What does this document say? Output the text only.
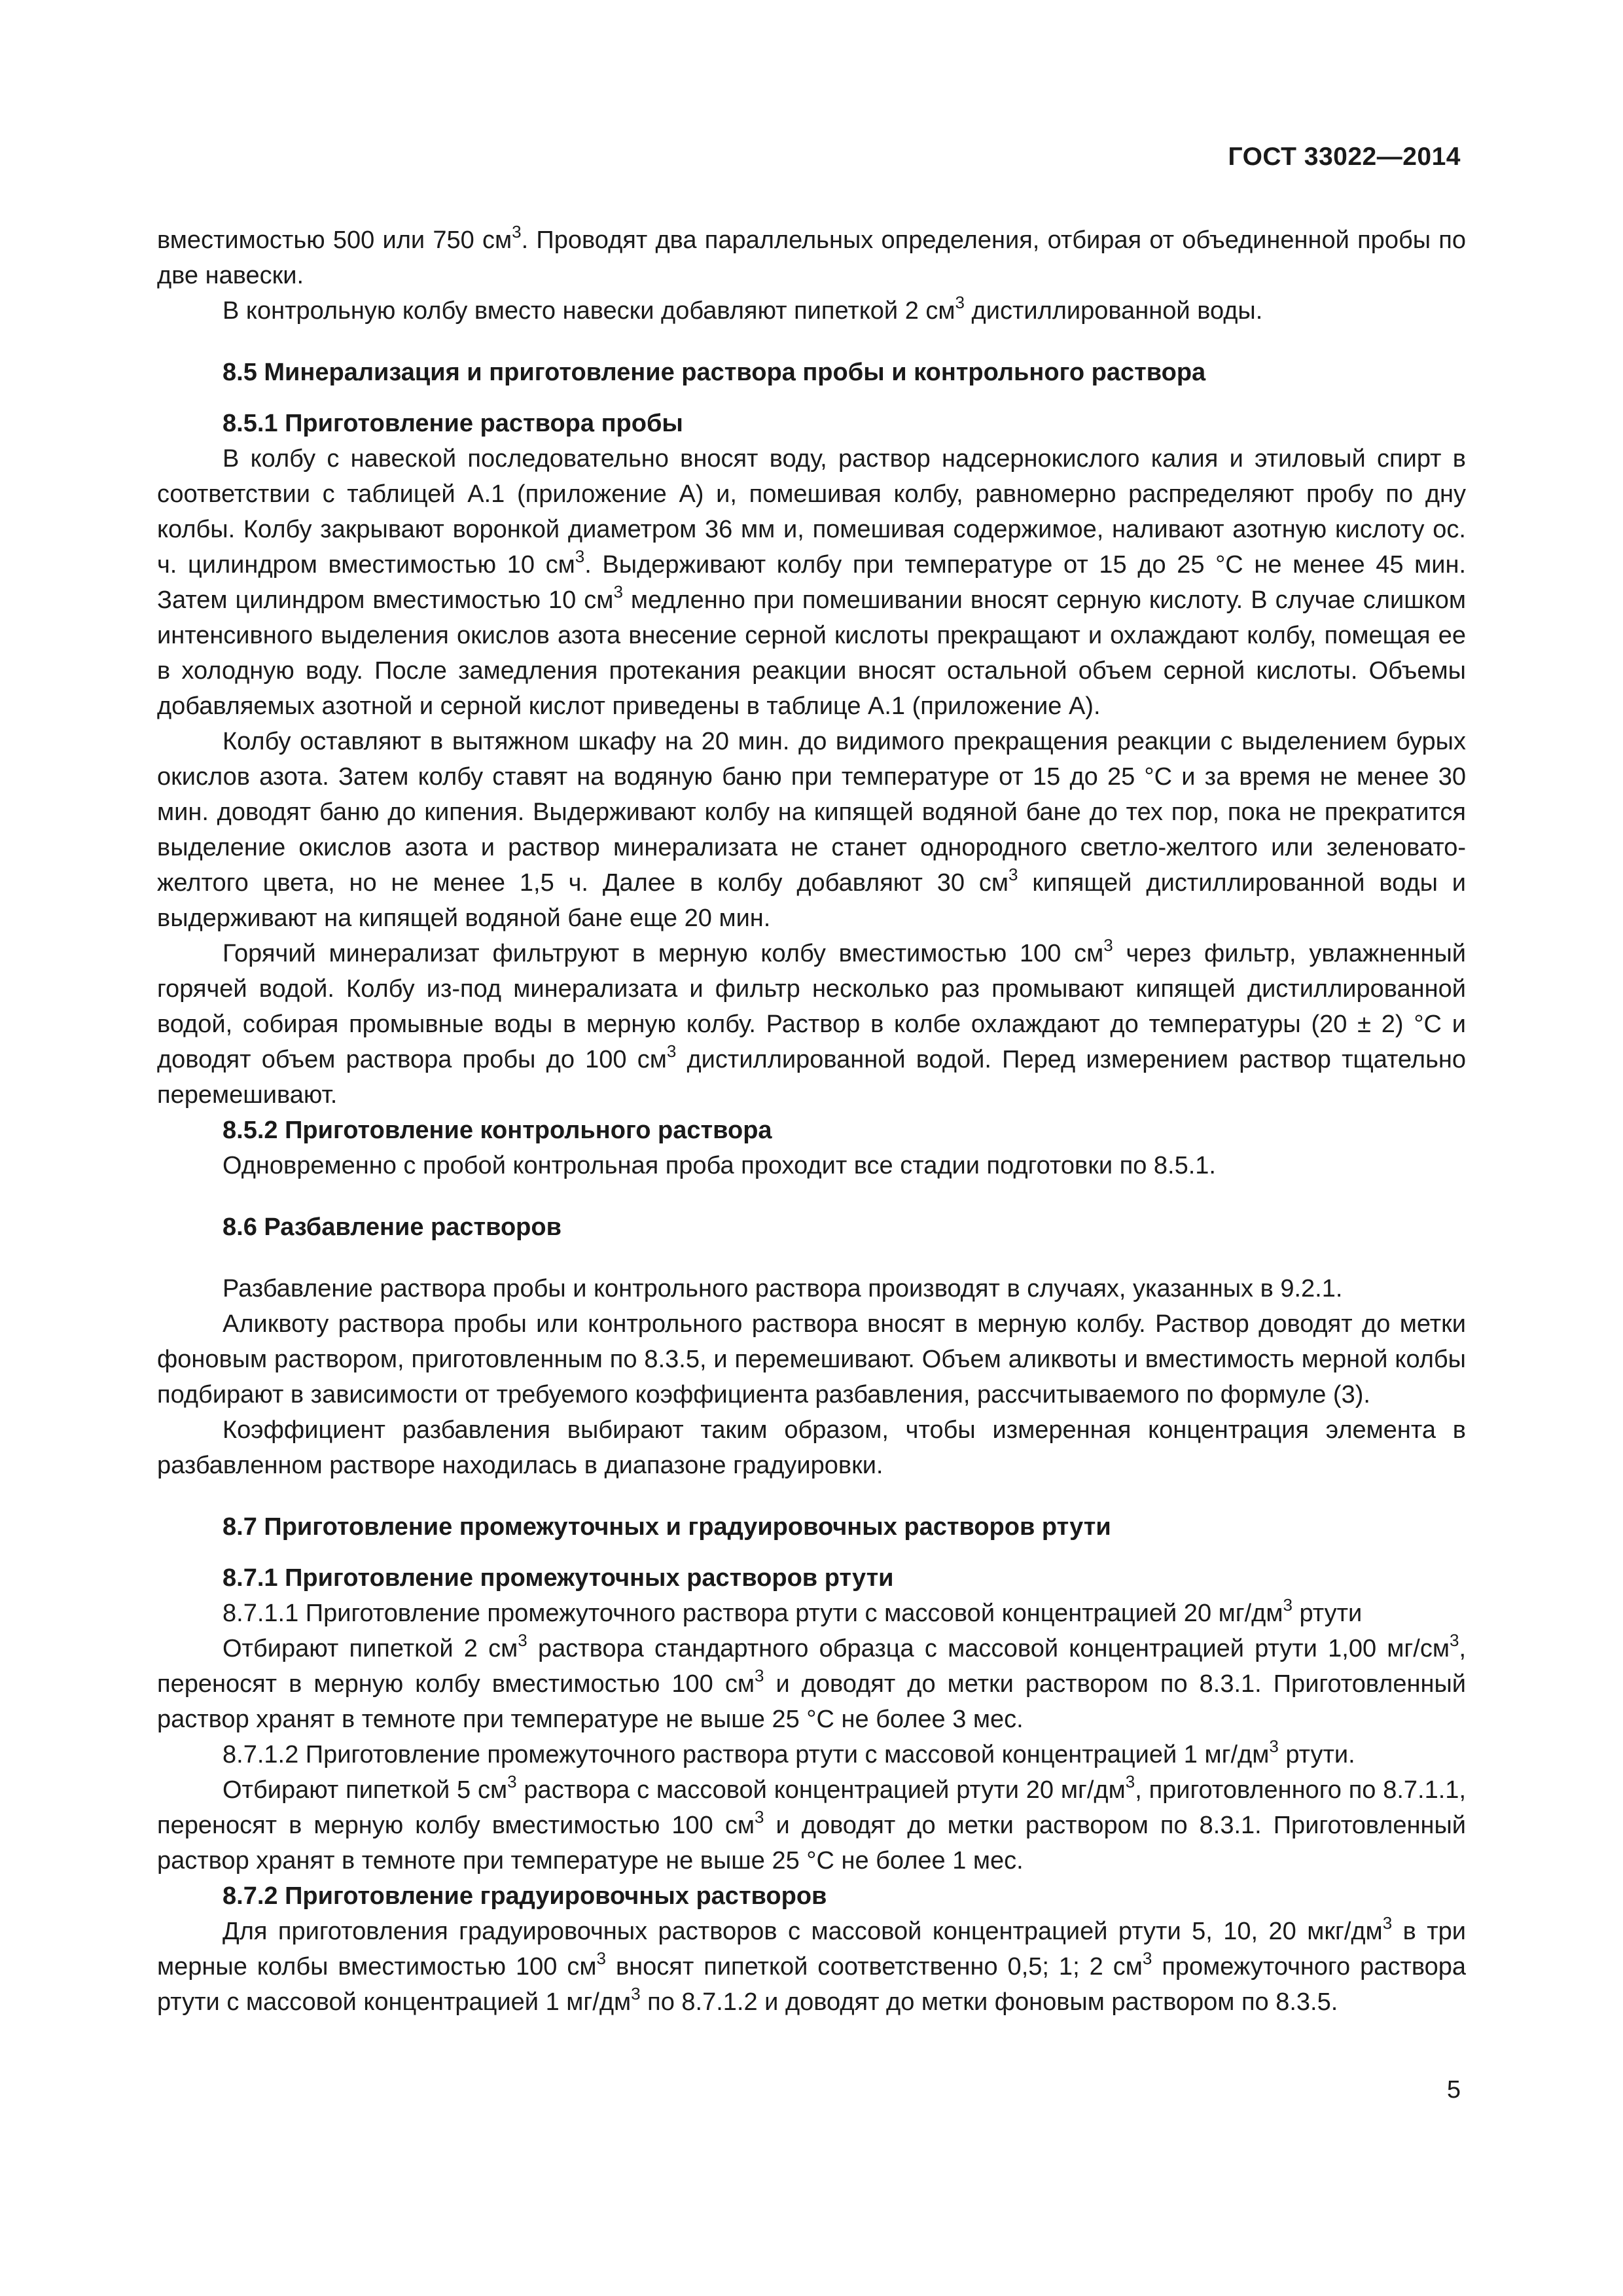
ГОСТ 33022—2014

вместимостью 500 или 750 $см^3$. Проводят два параллельных определения, отбирая от объединенной пробы по две навески.

В контрольную колбу вместо навески добавляют пипеткой 2 $см^3$ дистиллированной воды.

8.5 Минерализация и приготовление раствора пробы и контрольного раствора

8.5.1 Приготовление раствора пробы

В колбу с навеской последовательно вносят воду, раствор надсернокислого калия и этиловый спирт в соответствии с таблицей А.1 (приложение А) и, помешивая колбу, равномерно распределяют пробу по дну колбы. Колбу закрывают воронкой диаметром 36 мм и, помешивая содержимое, наливают азотную кислоту ос. ч. цилиндром вместимостью 10 $см^3$. Выдерживают колбу при температуре от 15 до 25 °С не менее 45 мин. Затем цилиндром вместимостью 10 $см^3$ медленно при помешивании вносят серную кислоту. В случае слишком интенсивного выделения окислов азота внесение серной кислоты прекращают и охлаждают колбу, помещая ее в холодную воду. После замедления протекания реакции вносят остальной объем серной кислоты. Объемы добавляемых азотной и серной кислот приведены в таблице А.1 (приложение А).

Колбу оставляют в вытяжном шкафу на 20 мин. до видимого прекращения реакции с выделением бурых окислов азота. Затем колбу ставят на водяную баню при температуре от 15 до 25 °С и за время не менее 30 мин. доводят баню до кипения. Выдерживают колбу на кипящей водяной бане до тех пор, пока не прекратится выделение окислов азота и раствор минерализата не станет однородного светло-желтого или зеленовато-желтого цвета, но не менее 1,5 ч. Далее в колбу добавляют 30 $см^3$ кипящей дистиллированной воды и выдерживают на кипящей водяной бане еще 20 мин.

Горячий минерализат фильтруют в мерную колбу вместимостью 100 $см^3$ через фильтр, увлажненный горячей водой. Колбу из-под минерализата и фильтр несколько раз промывают кипящей дистиллированной водой, собирая промывные воды в мерную колбу. Раствор в колбе охлаждают до температуры (20 ± 2) °С и доводят объем раствора пробы до 100 $см^3$ дистиллированной водой. Перед измерением раствор тщательно перемешивают.

8.5.2 Приготовление контрольного раствора

Одновременно с пробой контрольная проба проходит все стадии подготовки по 8.5.1.

8.6 Разбавление растворов

Разбавление раствора пробы и контрольного раствора производят в случаях, указанных в 9.2.1.

Аликвоту раствора пробы или контрольного раствора вносят в мерную колбу. Раствор доводят до метки фоновым раствором, приготовленным по 8.3.5, и перемешивают. Объем аликвоты и вместимость мерной колбы подбирают в зависимости от требуемого коэффициента разбавления, рассчитываемого по формуле (3).

Коэффициент разбавления выбирают таким образом, чтобы измеренная концентрация элемента в разбавленном растворе находилась в диапазоне градуировки.

8.7 Приготовление промежуточных и градуировочных растворов ртути

8.7.1 Приготовление промежуточных растворов ртути

8.7.1.1 Приготовление промежуточного раствора ртути с массовой концентрацией 20 $мг/дм^3$ ртути

Отбирают пипеткой 2 $см^3$ раствора стандартного образца с массовой концентрацией ртути 1,00 $мг/см^3$, переносят в мерную колбу вместимостью 100 $см^3$ и доводят до метки раствором по 8.3.1. Приготовленный раствор хранят в темноте при температуре не выше 25 °С не более 3 мес.

8.7.1.2 Приготовление промежуточного раствора ртути с массовой концентрацией 1 $мг/дм^3$ ртути.

Отбирают пипеткой 5 $см^3$ раствора с массовой концентрацией ртути 20 $мг/дм^3$, приготовленного по 8.7.1.1, переносят в мерную колбу вместимостью 100 $см^3$ и доводят до метки раствором по 8.3.1. Приготовленный раствор хранят в темноте при температуре не выше 25 °С не более 1 мес.

8.7.2 Приготовление градуировочных растворов

Для приготовления градуировочных растворов с массовой концентрацией ртути 5, 10, 20 мкг/$дм^3$ в три мерные колбы вместимостью 100 $см^3$ вносят пипеткой соответственно 0,5; 1; 2 $см^3$ промежуточного раствора ртути с массовой концентрацией 1 $мг/дм^3$ по 8.7.1.2 и доводят до метки фоновым раствором по 8.3.5.

5
